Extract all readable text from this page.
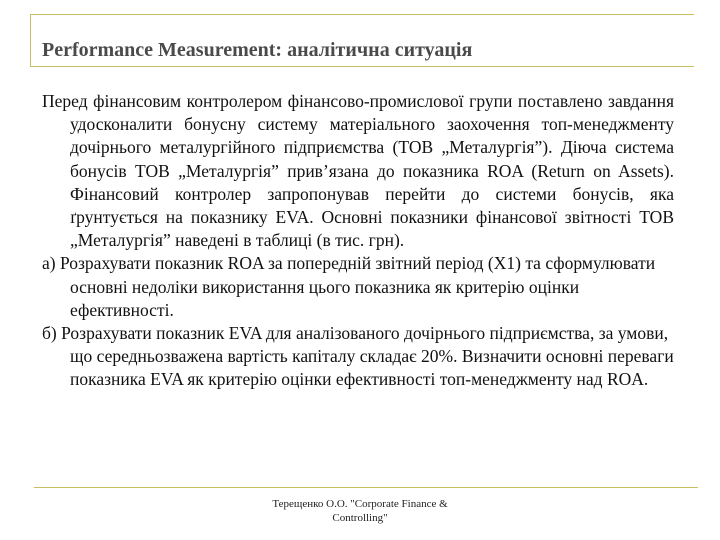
Performance Measurement: аналітична ситуація

Перед фінансовим контролером фінансово-промислової групи поставлено завдання удосконалити бонусну систему матеріального заохочення топ-менеджменту дочірнього металургійного підприємства (ТОВ „Металургія”). Діюча система бонусів ТОВ „Металургія” прив’язана до показника ROA (Return on Assets). Фінансовий контролер запропонував перейти до системи бонусів, яка ґрунтується на показнику EVA. Основні показники фінансової звітності ТОВ „Металургія” наведені в таблиці (в тис. грн).

а) Розрахувати показник ROA за попередній звітний період (Х1) та сформулювати основні недоліки використання цього показника як критерію оцінки ефективності.

б) Розрахувати показник EVA для аналізованого дочірнього підприємства, за умови, що середньозважена вартість капіталу складає 20%. Визначити основні переваги показника EVA як критерію оцінки ефективності топ-менеджменту над ROA.

Терещенко О.О. "Corporate Finance &
Controlling"
